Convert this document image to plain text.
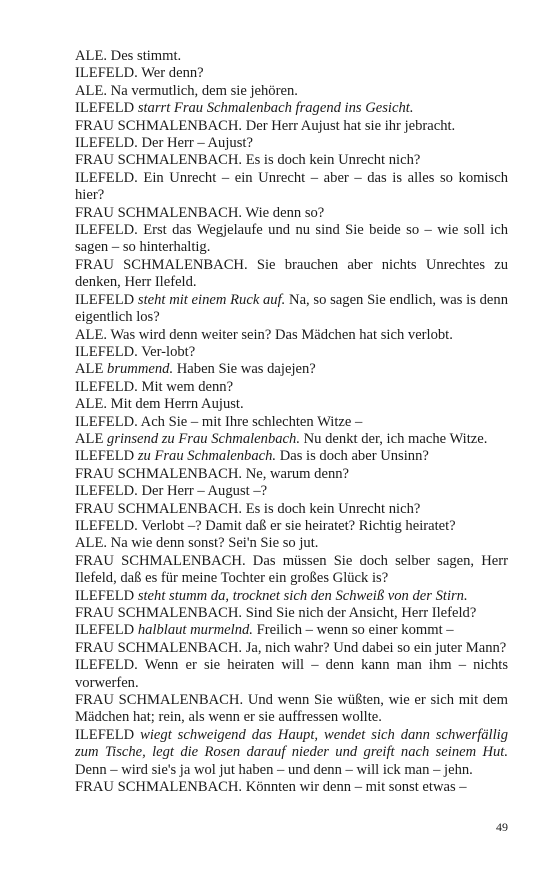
ALE. Des stimmt.
ILEFELD. Wer denn?
ALE. Na vermutlich, dem sie jehören.
ILEFELD starrt Frau Schmalenbach fragend ins Gesicht.
FRAU SCHMALENBACH. Der Herr Aujust hat sie ihr jebracht.
ILEFELD. Der Herr – Aujust?
FRAU SCHMALENBACH. Es is doch kein Unrecht nich?
ILEFELD. Ein Unrecht – ein Unrecht – aber – das is alles so komisch hier?
FRAU SCHMALENBACH. Wie denn so?
ILEFELD. Erst das Wegjelaufe und nu sind Sie beide so – wie soll ich sagen – so hinterhaltig.
FRAU SCHMALENBACH. Sie brauchen aber nichts Unrechtes zu denken, Herr Ilefeld.
ILEFELD steht mit einem Ruck auf. Na, so sagen Sie endlich, was is denn eigentlich los?
ALE. Was wird denn weiter sein? Das Mädchen hat sich verlobt.
ILEFELD. Ver-lobt?
ALE brummend. Haben Sie was dajejen?
ILEFELD. Mit wem denn?
ALE. Mit dem Herrn Aujust.
ILEFELD. Ach Sie – mit Ihre schlechten Witze –
ALE grinsend zu Frau Schmalenbach. Nu denkt der, ich mache Witze.
ILEFELD zu Frau Schmalenbach. Das is doch aber Unsinn?
FRAU SCHMALENBACH. Ne, warum denn?
ILEFELD. Der Herr – August –?
FRAU SCHMALENBACH. Es is doch kein Unrecht nich?
ILEFELD. Verlobt –? Damit daß er sie heiratet? Richtig heiratet?
ALE. Na wie denn sonst? Sei'n Sie so jut.
FRAU SCHMALENBACH. Das müssen Sie doch selber sagen, Herr Ilefeld, daß es für meine Tochter ein großes Glück is?
ILEFELD steht stumm da, trocknet sich den Schweiß von der Stirn.
FRAU SCHMALENBACH. Sind Sie nich der Ansicht, Herr Ilefeld?
ILEFELD halblaut murmelnd. Freilich – wenn so einer kommt –
FRAU SCHMALENBACH. Ja, nich wahr? Und dabei so ein juter Mann?
ILEFELD. Wenn er sie heiraten will – denn kann man ihm – nichts vorwerfen.
FRAU SCHMALENBACH. Und wenn Sie wüßten, wie er sich mit dem Mädchen hat; rein, als wenn er sie auffressen wollte.
ILEFELD wiegt schweigend das Haupt, wendet sich dann schwerfällig zum Tische, legt die Rosen darauf nieder und greift nach seinem Hut. Denn – wird sie's ja wol jut haben – und denn – will ick man – jehn.
FRAU SCHMALENBACH. Könnten wir denn – mit sonst etwas –
49
